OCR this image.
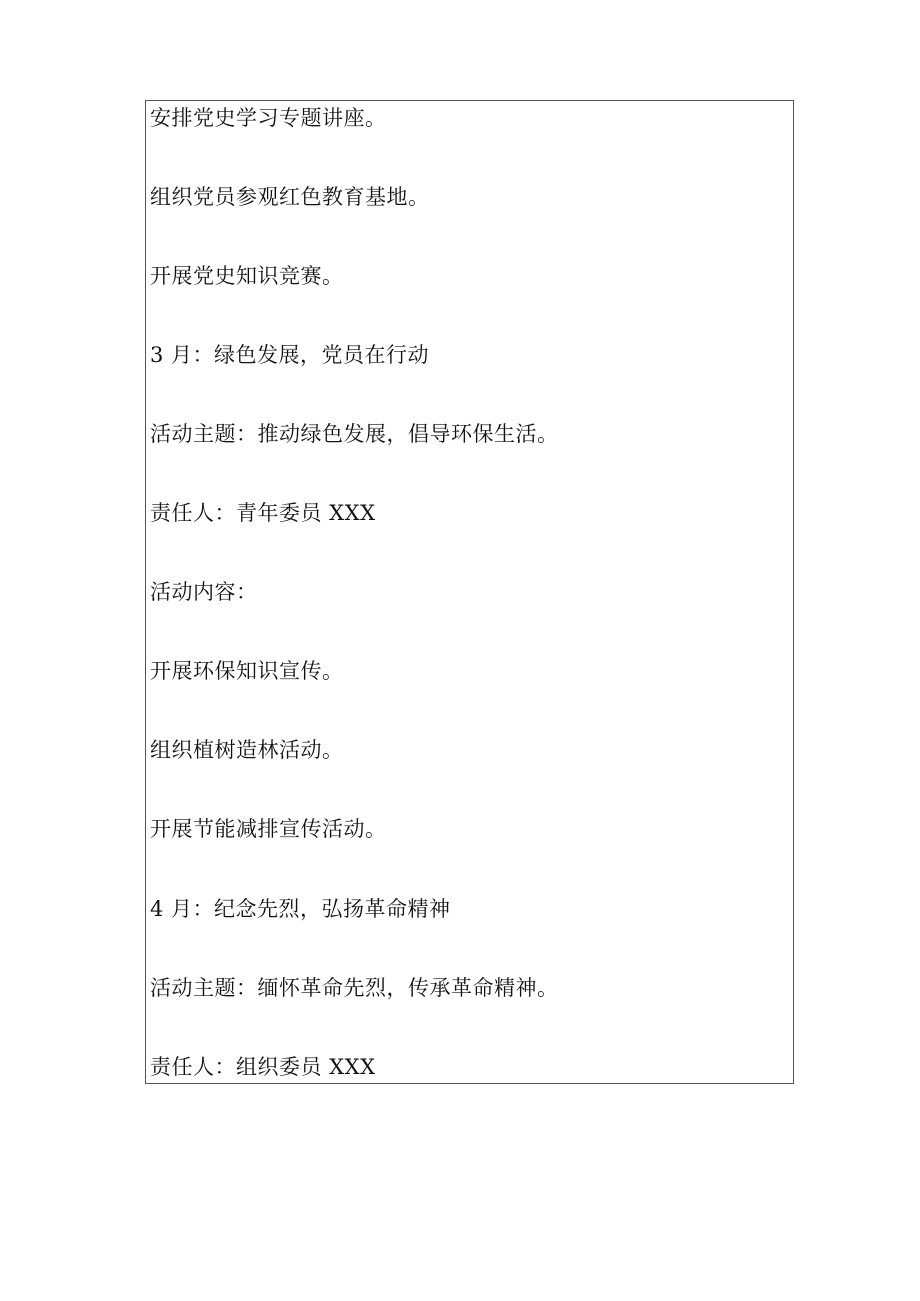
安排党史学习专题讲座。
组织党员参观红色教育基地。
开展党史知识竞赛。
3 月：绿色发展，党员在行动
活动主题：推动绿色发展，倡导环保生活。
责任人：青年委员 XXX
活动内容：
开展环保知识宣传。
组织植树造林活动。
开展节能减排宣传活动。
4 月：纪念先烈，弘扬革命精神
活动主题：缅怀革命先烈，传承革命精神。
责任人：组织委员 XXX
